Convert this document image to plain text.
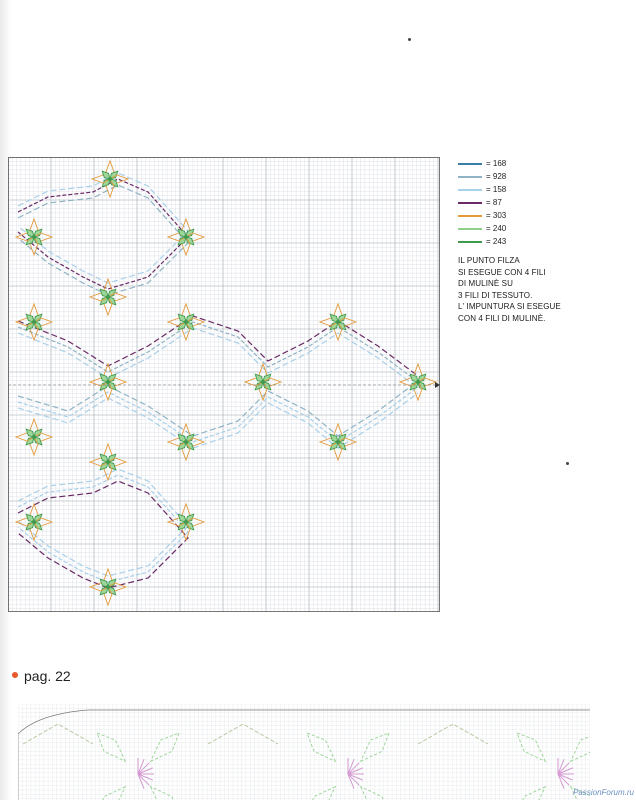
= 168
= 928
= 158
= 87
= 303
= 240
= 243
IL PUNTO FILZA
SI ESEGUE CON 4 FILI
DI MULINÈ SU
3 FILI DI TESSUTO.
L' IMPUNTURA SI ESEGUE
CON 4 FILI DI MULINÈ.
pag. 22
PassionForum.ru
